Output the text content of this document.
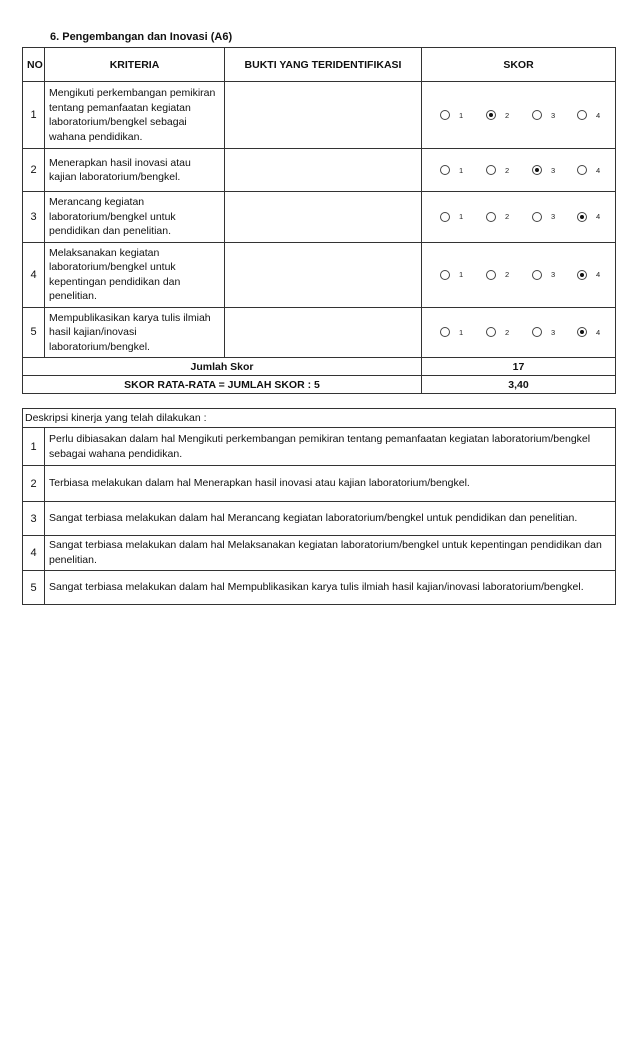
6. Pengembangan dan Inovasi (A6)
NO	KRITERIA	BUKTI YANG TERIDENTIFIKASI	SKOR
1	Mengikuti perkembangan pemikiran tentang pemanfaatan kegiatan laboratorium/bengkel sebagai wahana pendidikan.		1 2 3 4

2	Menerapkan hasil inovasi atau kajian laboratorium/bengkel.		1 2 3 4

3	Merancang kegiatan laboratorium/bengkel untuk pendidikan dan penelitian.		1 2 3 4

4	Melaksanakan kegiatan laboratorium/bengkel untuk kepentingan pendidikan dan penelitian.		1 2 3 4

5	Mempublikasikan karya tulis ilmiah hasil kajian/inovasi laboratorium/bengkel.		1 2 3 4

Jumlah Skor			17
SKOR RATA-RATA = JUMLAH SKOR : 5			3,40
Deskripsi kinerja yang telah dilakukan :	
1	Perlu dibiasakan dalam hal Mengikuti perkembangan pemikiran tentang pemanfaatan kegiatan laboratorium/bengkel sebagai wahana pendidikan.
2	Terbiasa melakukan dalam hal Menerapkan hasil inovasi atau kajian laboratorium/bengkel.
3	Sangat terbiasa melakukan dalam hal Merancang kegiatan laboratorium/bengkel untuk pendidikan dan penelitian.
4	Sangat terbiasa melakukan dalam hal Melaksanakan kegiatan laboratorium/bengkel untuk kepentingan pendidikan dan penelitian.
5	Sangat terbiasa melakukan dalam hal Mempublikasikan karya tulis ilmiah hasil kajian/inovasi laboratorium/bengkel.
